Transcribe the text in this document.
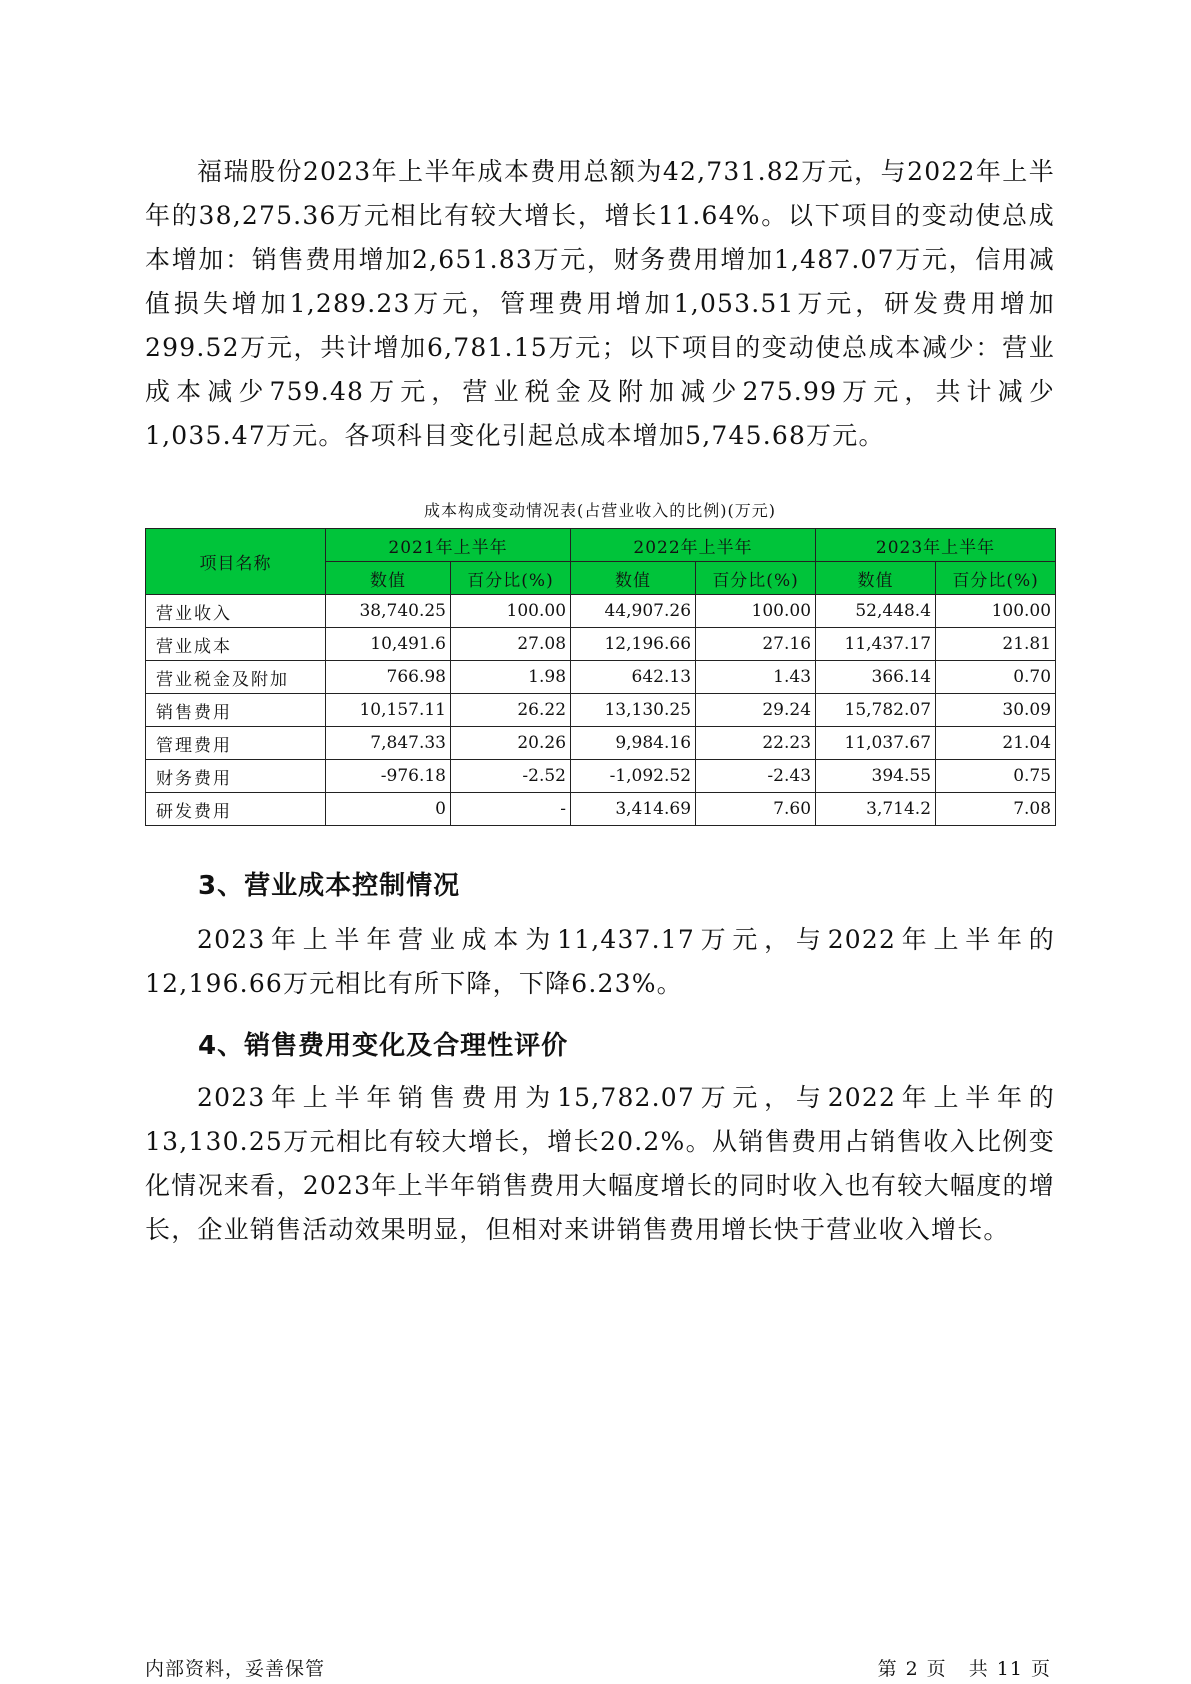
福瑞股份2023年上半年成本费用总额为42,731.82万元，与2022年上半年的38,275.36万元相比有较大增长，增长11.64%。以下项目的变动使总成本增加：销售费用增加2,651.83万元，财务费用增加1,487.07万元，信用减值损失增加1,289.23万元，管理费用增加1,053.51万元，研发费用增加299.52万元，共计增加6,781.15万元；以下项目的变动使总成本减少：营业成本减少759.48万元，营业税金及附加减少275.99万元，共计减少1,035.47万元。各项科目变化引起总成本增加5,745.68万元。

成本构成变动情况表(占营业收入的比例)(万元)
项目名称	2021年上半年		2022年上半年		2023年上半年	
	数值	百分比(%)	数值	百分比(%)	数值	百分比(%)
营业收入	38,740.25	100.00	44,907.26	100.00	52,448.4	100.00
营业成本	10,491.6	27.08	12,196.66	27.16	11,437.17	21.81
营业税金及附加	766.98	1.98	642.13	1.43	366.14	0.70
销售费用	10,157.11	26.22	13,130.25	29.24	15,782.07	30.09
管理费用	7,847.33	20.26	9,984.16	22.23	11,037.67	21.04
财务费用	-976.18	-2.52	-1,092.52	-2.43	394.55	0.75
研发费用	0	-	3,414.69	7.60	3,714.2	7.08
3、营业成本控制情况

2023年上半年营业成本为11,437.17万元，与2022年上半年的12,196.66万元相比有所下降，下降6.23%。

4、销售费用变化及合理性评价

2023年上半年销售费用为15,782.07万元，与2022年上半年的13,130.25万元相比有较大增长，增长20.2%。从销售费用占销售收入比例变化情况来看，2023年上半年销售费用大幅度增长的同时收入也有较大幅度的增长，企业销售活动效果明显，但相对来讲销售费用增长快于营业收入增长。

内部资料，妥善保管	第 2 页 共 11 页
